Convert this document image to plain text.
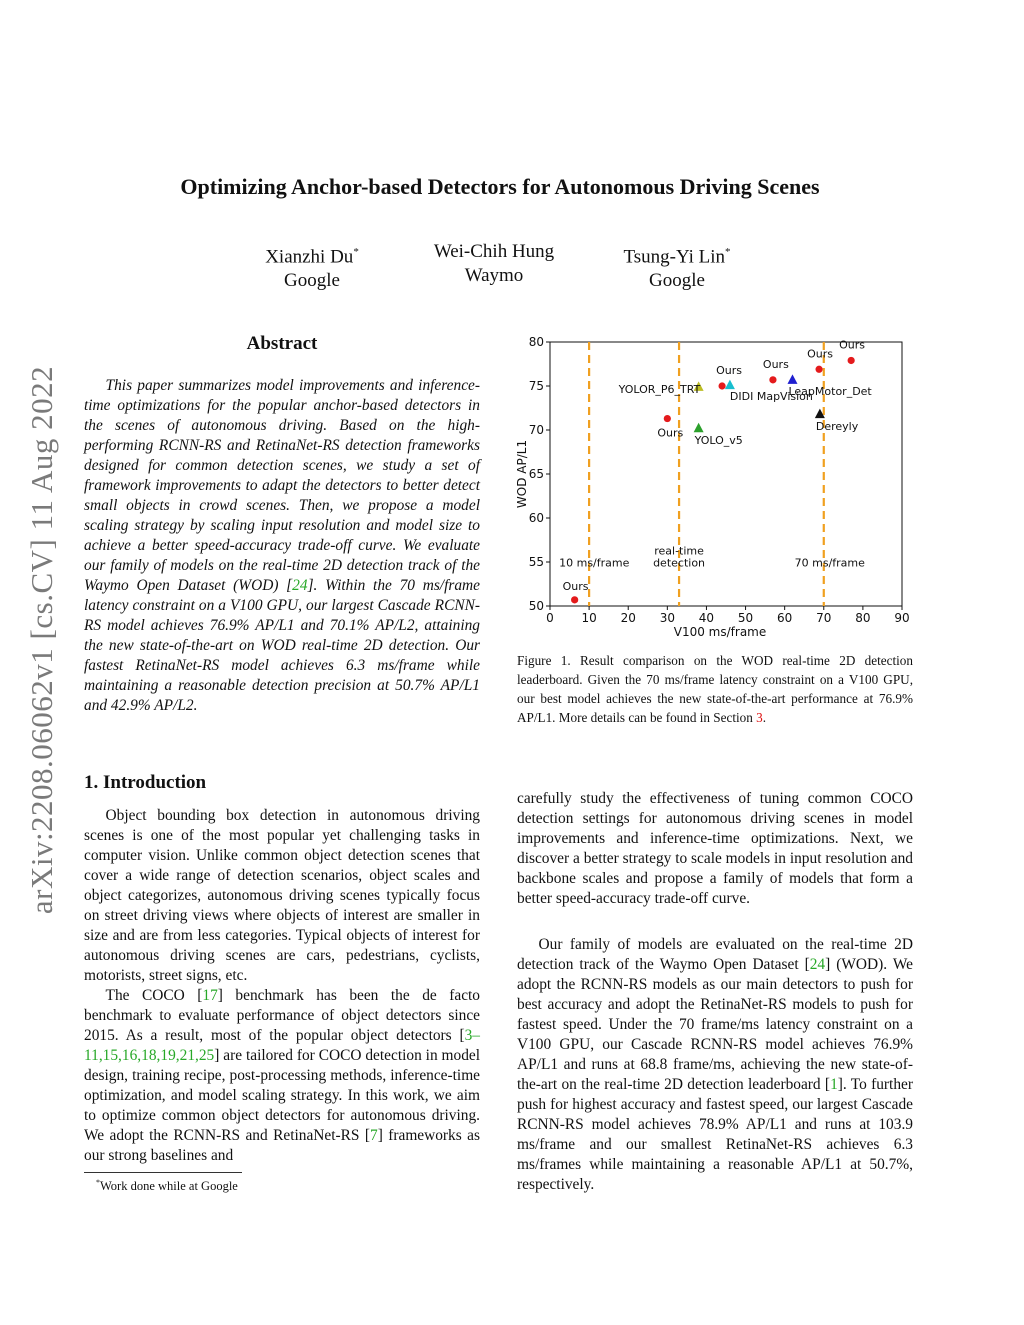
arXiv:2208.06062v1 [cs.CV] 11 Aug 2022
Optimizing Anchor-based Detectors for Autonomous Driving Scenes
Xianzhi Du*
Google
Wei-Chih Hung
Waymo
Tsung-Yi Lin*
Google
Abstract

This paper summarizes model improvements and inference-time optimizations for the popular anchor-based detectors in the scenes of autonomous driving. Based on the high-performing RCNN-RS and RetinaNet-RS detection frameworks designed for common detection scenes, we study a set of framework improvements to adapt the detectors to better detect small objects in crowd scenes. Then, we propose a model scaling strategy by scaling input resolution and model size to achieve a better speed-accuracy trade-off curve. We evaluate our family of models on the real-time 2D detection track of the Waymo Open Dataset (WOD) [24]. Within the 70 ms/frame latency constraint on a V100 GPU, our largest Cascade RCNN-RS model achieves 76.9% AP/L1 and 70.1% AP/L2, attaining the new state-of-the-art on WOD real-time 2D detection. Our fastest RetinaNet-RS model achieves 6.3 ms/frame while maintaining a reasonable detection precision at 50.7% AP/L1 and 42.9% AP/L2.

1. Introduction

Object bounding box detection in autonomous driving scenes is one of the most popular yet challenging tasks in computer vision. Unlike common object detection scenes that cover a wide range of detection scenarios, object scales and object categorizes, autonomous driving scenes typically focus on street driving views where objects of interest are smaller in size and are from less categories. Typical objects of interest for autonomous driving scenes are cars, pedestrians, cyclists, motorists, street signs, etc.

The COCO [17] benchmark has been the de facto benchmark to evaluate performance of object detectors since 2015. As a result, most of the popular object detectors [3–11,15,16,18,19,21,25] are tailored for COCO detection in model design, training recipe, post-processing methods, inference-time optimization, and model scaling strategy. In this work, we aim to optimize common object detectors for autonomous driving. We adopt the RCNN-RS and RetinaNet-RS [7] frameworks as our strong baselines and

*Work done while at Google
0 10 20 30 40 50 60 70 80 90
50
55
60
65
70
75
80
V100 ms/frame
WOD AP/L1
10 ms/frame
real-time
detection	70 ms/frame
Ours
Ours
Ours Ours
Ours
Ours
YOLOR_P6_TRT
DIDI MapVision
YOLO_v5
LeapMotor_Det
Dereyly
Figure 1. Result comparison on the WOD real-time 2D detection leaderboard. Given the 70 ms/frame latency constraint on a V100 GPU, our best model achieves the new state-of-the-art performance at 76.9% AP/L1. More details can be found in Section 3.

carefully study the effectiveness of tuning common COCO detection settings for autonomous driving scenes in model improvements and inference-time optimizations. Next, we discover a better strategy to scale models in input resolution and backbone scales and propose a family of models that form a better speed-accuracy trade-off curve.

Our family of models are evaluated on the real-time 2D detection track of the Waymo Open Dataset [24] (WOD). We adopt the RCNN-RS models as our main detectors to push for best accuracy and adopt the RetinaNet-RS models to push for fastest speed. Under the 70 frame/ms latency constraint on a V100 GPU, our Cascade RCNN-RS model achieves 76.9% AP/L1 and runs at 68.8 frame/ms, achieving the new state-of-the-art on the real-time 2D detection leaderboard [1]. To further push for highest accuracy and fastest speed, our largest Cascade RCNN-RS model achieves 78.9% AP/L1 and runs at 103.9 ms/frame and our smallest RetinaNet-RS achieves 6.3 ms/frames while maintaining a reasonable AP/L1 at 50.7%, respectively.
